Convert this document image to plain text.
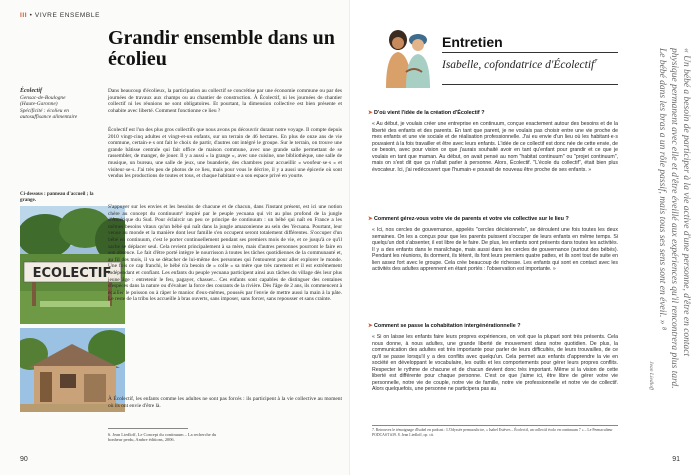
III • VIVRE ENSEMBLE
Grandir ensemble dans un écolieu
Écolectif
Gensac-de-Boulogne
(Haute-Garonne)
Spécificité : écolieu en autosuffisance alimentaire
Ci-dessous : panneau d'accueil ; la grange.
ECOLECTIF
Dans beaucoup d'écolieux, la participation au collectif se concrétise par une économie commune ou par des journées de travaux aux champs ou au chantier de construction. À Écolectif, ni les journées de chantier collectif ni les réunions ne sont obligatoires. Et pourtant, la dimension collective est bien présente et cohabite avec liberté. Comment fonctionne ce lieu ?
Écolectif est l'un des plus gros collectifs que nous avons pu découvrir durant notre voyage. Il compte depuis 2010 vingt-cinq adultes et vingt-et-un enfants, sur un terrain de 46 hectares. En plus de onze ans de vie commune, certain·e·s ont fait le choix de partir, d'autres ont intégré le groupe. Sur le terrain, on trouve une grande bâtisse centrale qui fait office de maison commune, avec une grande salle permettant de se rassembler, de manger, de jouer. Il y a aussi « la grange », avec une cuisine, une bibliothèque, une salle de musique, un bureau, une salle de jeux, une buanderie, des chambres pour accueillir « woofeur·se·s » et visiteur·se·s. J'ai très peu de photos de ce lieu, mais pour vous le décrire, il y a aussi une épicerie où sont vendus les productions de toutes et tous, et chaque habitant·e a son espace privé en yourte.
S'appuyer sur les envies et les besoins de chacune et de chacun, dans l'instant présent, est ici une notion chère au concept du continuum⁶ inspiré par le peuple yecuana qui vit au plus profond de la jungle d'Amérique du Sud. Pour éclaircir un peu ce principe de continuum : un bébé qui naît en France a les mêmes besoins vitaux qu'un bébé qui naît dans la jungle amazonienne au sein des Yecuana. Pourtant, leur venue au monde et la manière dont leur famille s'en occupent seront totalement différentes. S'occuper d'un bébé en continuum, c'est le porter continuellement pendant ses premiers mois de vie, et ce jusqu'à ce qu'il sache se déplacer seul. Cela revient principalement à sa mère, mais d'autres personnes pourront le faire en son absence. Le fait d'être porté intègre le nourrisson à toutes les tâches quotidiennes de la communauté et, au fil des mois, il va se détacher de lui-même des personnes qui l'entourent pour aller explorer le monde. Une fois ce cap franchi, le bébé n'a besoin de « colle » sa mère que très rarement et il est extrêmement indépendant et confiant. Les enfants du peuple yecuana participent ainsi aux tâches du village dès leur plus jeune âge : entretenir le feu, pagayer, chasser... Ces enfants sont capables de distinguer des centaines d'espèces dans la nature ou d'évaluer la force des courants de la rivière. Dès l'âge de 2 ans, ils commencent à écailler le poisson ou à râper le manioc d'eux-mêmes, poussés par l'envie de mettre aussi la main à la pâte. Le reste de la tribu les accueille à bras ouverts, sans imposer, sans forcer, sans repousser et sans crainte.
À Écolectif, les enfants comme les adultes ne sont pas forcés : ils participent à la vie collective au moment où ils ont envie d'être là.
6. Jean Liedloff, Le Concept du continuum – La recherche du bonheur perdu, Ambre éditions, 2006.
90
Entretien
Isabelle, cofondatrice d'Écolectif$^7$
➤ D'où vient l'idée de la création d'Écolectif ?
« Au début, je voulais créer une entreprise en continuum, conçue exactement autour des besoins et de la liberté des enfants et des parents. En tant que parent, je ne voulais pas choisir entre une vie proche de mes enfants et une vie sociale et de réalisation professionnelle. J'ai eu envie d'un lieu où les habitant·e·s pouvaient à la fois travailler et être avec leurs enfants. L'idée de ce collectif est donc née de cette envie, de ce besoin, avec pour vision ce que j'aurais souhaité avoir en tant qu'enfant pour grandir et ce que je voulais en tant que maman. Au début, on avait pensé au nom "habitat continuum" ou "projet continuum", mais on s'est dit que ça n'allait parler à personne. Alors, Écolectif. "L'école du collectif", était bien plus évocateur. Ici, j'ai redécouvert que l'humain·e pouvait de nouveau être proche de ses enfants. »
➤ Comment gérez-vous votre vie de parents et votre vie collective sur le lieu ?
« Ici, nos cercles de gouvernance, appelés "cercles décisionnels", se déroulent une fois toutes les deux semaines. On les a conçus pour que les parents puissent s'occuper de leurs enfants en même temps. Si quelqu'un doit s'absenter, il est libre de le faire. De plus, les enfants sont présents dans toutes les activités. Il y a des enfants dans le maraîchage, mais aussi dans les cercles de gouvernance (surtout des bébés). Pendant les réunions, ils dorment, ils tètent, ils font leurs premiers quatre pattes, et ils sont tout de suite en lien assez fort avec le groupe. Cela crée beaucoup de richesse. Les enfants qui sont en contact avec les activités des adultes apprennent en étant portés : l'observation est importante. »
➤ Comment se passe la cohabitation intergénérationnelle ?
« Si on laisse les enfants faire leurs propres expériences, on voit que la plupart sont très présents. Cela nous donne, à nous adultes, une grande liberté de mouvement dans notre quotidien. De plus, la communication des adultes est très importante pour parler de leurs difficultés, de leurs trouvailles, de ce qu'il se passe lorsqu'il y a des conflits avec quelqu'un. Cela permet aux enfants d'apprendre la vie en société en développant le vocabulaire, les outils et les comportements pour gérer leurs propres conflits. Respecter le rythme de chacune et de chacun devient donc très important. Même si la vision de cette liberté est différente pour chaque personne. C'est ce que j'aime ici, être libre de gérer votre vie personnelle, notre vie de couple, notre vie de famille, notre vie professionnelle et notre vie de collectif. Alors quelquefois, une personne ne participera pas au
7. Retrouvez le témoignage d'Isabel en podcast : L'Odyssée permacultrice, « Isabel Estéves – Écolectif, un collectif écolo en continuum 7 » – Le Permaculteur PODCAST #39. 8. Jean Liedloff, op. cit.
« Un bébé a besoin de participer à la vie active d'une personne, d'être en contact physique permanent avec elle et d'être éveillé aux expériences qu'il rencontrera plus tard. Le bébé dans les bras a un rôle passif, mais tous ses sens sont en éveil. » ⁸
Jean Liedloff
91
